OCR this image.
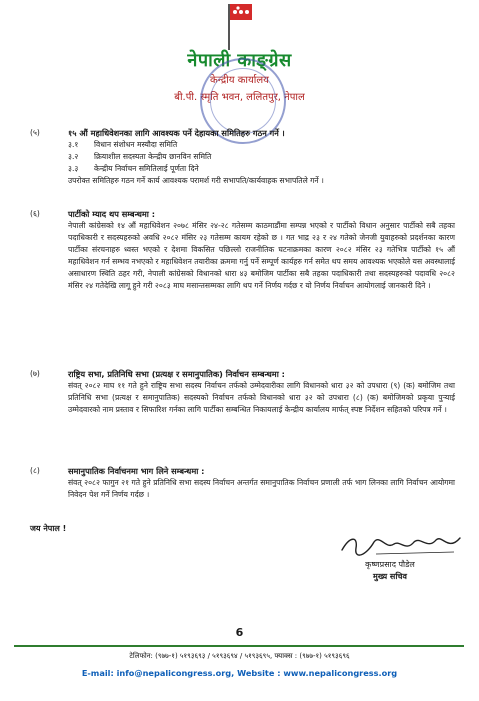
नेपाली काङ्ग्रेस
केन्द्रीय कार्यालय
बी.पी. स्मृति भवन, ललितपुर, नेपाल
(५)	१५ औं महाधिवेशनका लागि आवश्यक पर्ने देहायका समितिहरु गठन गर्ने ।
३.१	विधान संशोधन मस्यौदा समिति
३.२	क्रियाशील सदस्यता केन्द्रीय छानविन समिति
३.३	केन्द्रीय निर्वाचन समितिलाई पूर्णता दिने
उपरोक्त समितिहरु गठन गर्ने कार्य आवश्यक परामर्श गरी सभापति/कार्यवाहक सभापतिले गर्ने ।
(६)	पार्टीको म्याद थप सम्बन्धमा :
नेपाली कांग्रेसको १४ औं महाधिवेशन २०७८ मंसिर २४-२८ गतेसम्म काठमाडौंमा सम्पन्न भएको र पार्टीको विधान अनुसार पार्टीको सबै तहका पदाधिकारी र सदस्यहरुको अवधि २०८२ मंसिर २३ गतेसम्म कायम रहेको छ । गत भाद्र २३ र २४ गतेको जेनजी युवाहरुको प्रदर्शनका कारण पार्टीका संरचनाहरु ध्वस्त भएको र देशमा विकसित पछिल्लो राजनीतिक घटनाक्रमका कारण २०८२ मंसिर २३ गतेभित्र पार्टीको १५ औं महाधिवेशन गर्न सम्भव नभएको र महाधिवेशन तयारीका क्रममा गर्नु पर्ने सम्पूर्ण कार्यहरु गर्न समेत थप समय आवश्यक भएकोले यस अवस्थालाई असाधारण स्थिति ठहर गरी, नेपाली कांग्रेसको विधानको धारा ४३ बमोजिम पार्टीका सबै तहका पदाधिकारी तथा सदस्यहरुको पदावधि २०८२ मंसिर २४ गतेदेखि लागू हुने गरी २०८३ माघ मसान्तसम्मका लागि थप गर्ने निर्णय गर्दछ र यो निर्णय निर्वाचन आयोगलाई जानकारी दिने ।
(७)	राष्ट्रिय सभा, प्रतिनिधि सभा (प्रत्यक्ष र समानुपातिक) निर्वाचन सम्बन्धमा :
संवत् २०८२ माघ ११ गते हुने राष्ट्रिय सभा सदस्य निर्वाचन तर्फको उम्मेदवारीका लागि विधानको धारा ३२ को उपधारा (९) (क) बमोजिम तथा प्रतिनिधि सभा (प्रत्यक्ष र समानुपातिक) सदस्यको निर्वाचन तर्फको विधानको धारा ३२ को उपधारा (८) (क) बमोजिमको प्रकृया पुऱ्याई उम्मेदवारको नाम प्रस्ताव र सिफारिश गर्नका लागि पार्टीका सम्बन्धित निकायलाई केन्द्रीय कार्यालय मार्फत् स्पष्ट निर्देशन सहितको परिपत्र गर्ने ।
(८)	समानुपातिक निर्वाचनमा भाग लिने सम्बन्धमा :
संवत् २०८२ फागुन २१ गते हुने प्रतिनिधि सभा सदस्य निर्वाचन अन्तर्गत समानुपातिक निर्वाचन प्रणाली तर्फ भाग लिनका लागि निर्वाचन आयोगमा निवेदन पेश गर्ने निर्णय गर्दछ ।
जय नेपाल !
कृष्णप्रसाद पौडेल
मुख्य सचिव
6
टेलिफोन: (९७७-१) ५१९३६९३ / ५१९३६९४ / ५१९३६९५, फ्याक्स : (९७७-१) ५१९३६९६
E-mail: info@nepalicongress.org, Website : www.nepalicongress.org
